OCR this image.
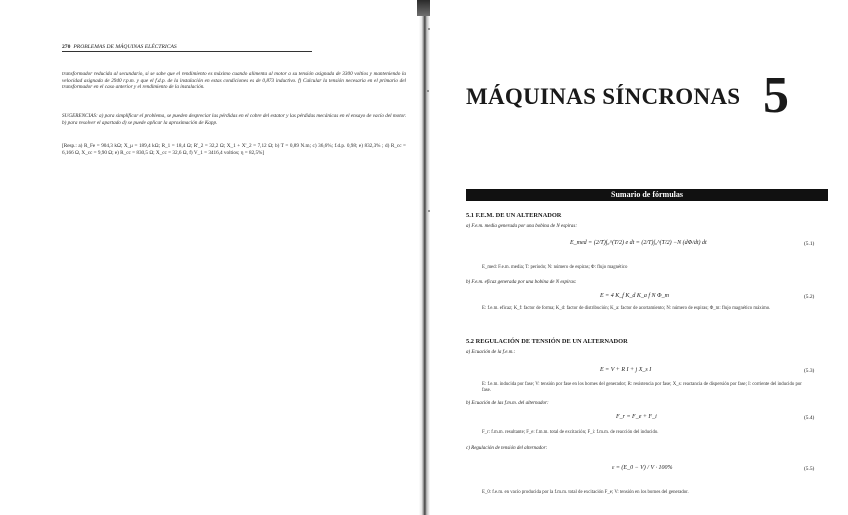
270 PROBLEMAS DE MÁQUINAS ELÉCTRICAS
transformador reducida al secundario, si se sabe que el rendimiento es máximo cuando alimenta al motor a su tensión asignada de 3300 voltios y manteniendo la velocidad asignada de 2940 r.p.m. y que el f.d.p. de la instalación en estas condiciones es de 0,873 inductivo. f) Calcular la tensión necesaria en el primario del transformador en el caso anterior y el rendimiento de la instalación.
SUGERENCIAS: a) para simplificar el problema, se pueden despreciar las pérdidas en el cobre del estator y las pérdidas mecánicas en el ensayo de vacío del motor. b) para resolver el apartado d) se puede aplicar la aproximación de Kapp.
[Resp.: a) R_Fe = 904,3 kΩ; X_μ = 189,4 kΩ; R_1 = 18,4 Ω; R'_2 = 32,2 Ω; X_1 + X'_2 = 7,12 Ω; b) T = 0,89 N.m; c) 36,6%; f.d.p. 0,98; e) 832,3% ; d) R_cc = 6,166 Ω, X_cc = 9,90 Ω; e) R_cc = 830,5 Ω; X_cc = 32,6 Ω, f) V_1 = 3416,4 voltios; η = 82,5%]
MÁQUINAS SÍNCRONAS 5
Sumario de fórmulas
5.1 F.E.M. DE UN ALTERNADOR
a) F.e.m. media generada por una bobina de N espiras:
E_med = (2/T)∫₀^(T/2) e dt = (2/T)∫₀^(T/2) −N (dΦ/dt) dt	(5.1)
E_med: F.e.m. media; T: período; N: número de espiras; Φ: flujo magnético
b) F.e.m. eficaz generada por una bobina de N espiras:
E = 4 K_f K_d K_a f N Φ_m	(5.2)
E: f.e.m. eficaz; K_f: factor de forma; K_d: factor de distribución; K_a: factor de acortamiento; N: número de espiras; Φ_m: flujo magnético máximo.
5.2 REGULACIÓN DE TENSIÓN DE UN ALTERNADOR
a) Ecuación de la f.e.m.:
E = V + R I + j X_s I	(5.3)
E: f.e.m. inducida por fase; V: tensión por fase en los bornes del generador; R: resistencia por fase; X_s: reactancia de dispersión por fase; I: corriente del inducido por fase.
b) Ecuación de las f.m.m. del alternador:
F_r = F_e + F_i	(5.4)
F_r: f.m.m. resultante; F_e: f.m.m. total de excitación; F_i: f.m.m. de reacción del inducido.
c) Regulación de tensión del alternador:
ε = (E_0 − V) / V · 100%	(5.5)
E_0: f.e.m. en vacío producida por la f.m.m. total de excitación F_e; V: tensión en los bornes del generador.
